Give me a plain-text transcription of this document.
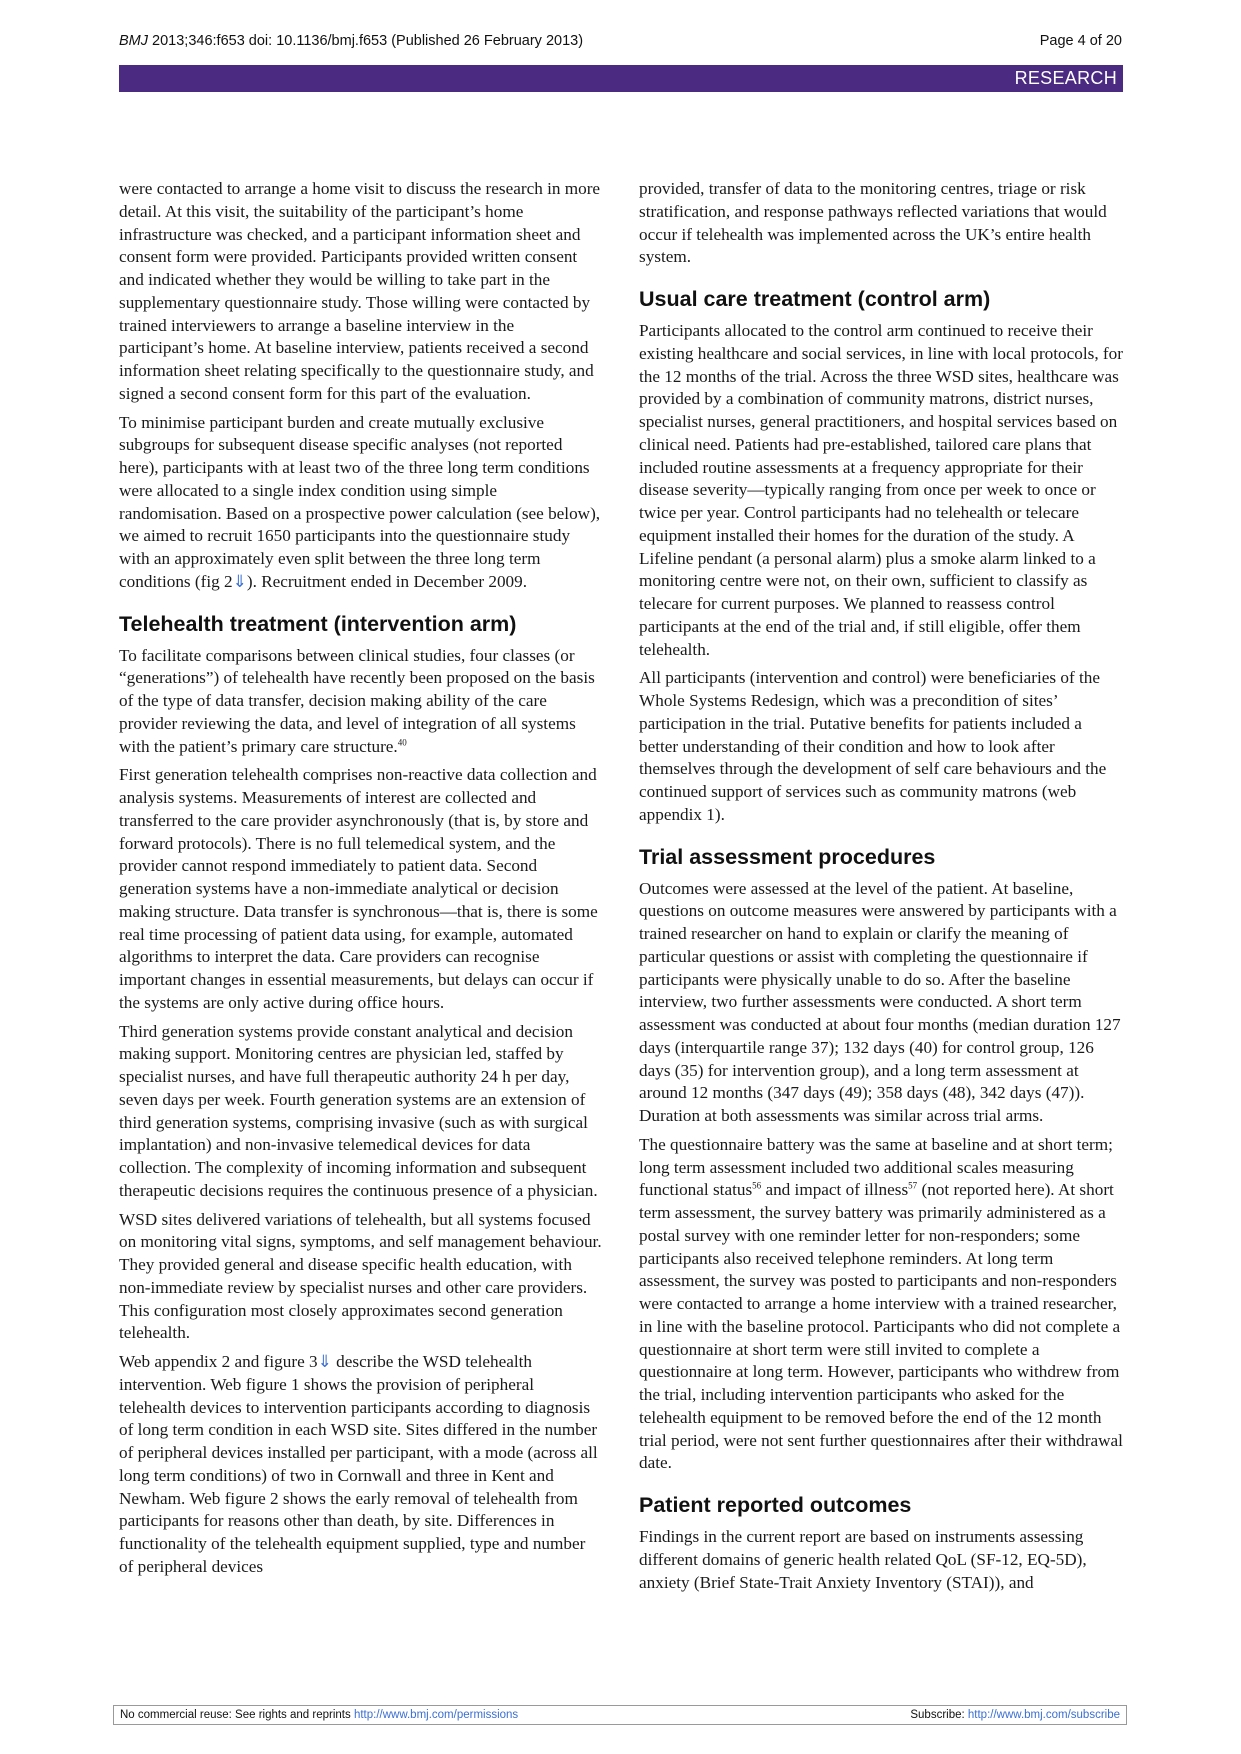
BMJ 2013;346:f653 doi: 10.1136/bmj.f653 (Published 26 February 2013)	Page 4 of 20
RESEARCH

were contacted to arrange a home visit to discuss the research in more detail. At this visit, the suitability of the participant’s home infrastructure was checked, and a participant information sheet and consent form were provided. Participants provided written consent and indicated whether they would be willing to take part in the supplementary questionnaire study. Those willing were contacted by trained interviewers to arrange a baseline interview in the participant’s home. At baseline interview, patients received a second information sheet relating specifically to the questionnaire study, and signed a second consent form for this part of the evaluation.

To minimise participant burden and create mutually exclusive subgroups for subsequent disease specific analyses (not reported here), participants with at least two of the three long term conditions were allocated to a single index condition using simple randomisation. Based on a prospective power calculation (see below), we aimed to recruit 1650 participants into the questionnaire study with an approximately even split between the three long term conditions (fig 2⇓). Recruitment ended in December 2009.

Telehealth treatment (intervention arm)

To facilitate comparisons between clinical studies, four classes (or “generations”) of telehealth have recently been proposed on the basis of the type of data transfer, decision making ability of the care provider reviewing the data, and level of integration of all systems with the patient’s primary care structure.$^{40}$

First generation telehealth comprises non-reactive data collection and analysis systems. Measurements of interest are collected and transferred to the care provider asynchronously (that is, by store and forward protocols). There is no full telemedical system, and the provider cannot respond immediately to patient data. Second generation systems have a non-immediate analytical or decision making structure. Data transfer is synchronous—that is, there is some real time processing of patient data using, for example, automated algorithms to interpret the data. Care providers can recognise important changes in essential measurements, but delays can occur if the systems are only active during office hours.

Third generation systems provide constant analytical and decision making support. Monitoring centres are physician led, staffed by specialist nurses, and have full therapeutic authority 24 h per day, seven days per week. Fourth generation systems are an extension of third generation systems, comprising invasive (such as with surgical implantation) and non-invasive telemedical devices for data collection. The complexity of incoming information and subsequent therapeutic decisions requires the continuous presence of a physician.

WSD sites delivered variations of telehealth, but all systems focused on monitoring vital signs, symptoms, and self management behaviour. They provided general and disease specific health education, with non-immediate review by specialist nurses and other care providers. This configuration most closely approximates second generation telehealth.

Web appendix 2 and figure 3⇓ describe the WSD telehealth intervention. Web figure 1 shows the provision of peripheral telehealth devices to intervention participants according to diagnosis of long term condition in each WSD site. Sites differed in the number of peripheral devices installed per participant, with a mode (across all long term conditions) of two in Cornwall and three in Kent and Newham. Web figure 2 shows the early removal of telehealth from participants for reasons other than death, by site. Differences in functionality of the telehealth equipment supplied, type and number of peripheral devices

provided, transfer of data to the monitoring centres, triage or risk stratification, and response pathways reflected variations that would occur if telehealth was implemented across the UK’s entire health system.

Usual care treatment (control arm)

Participants allocated to the control arm continued to receive their existing healthcare and social services, in line with local protocols, for the 12 months of the trial. Across the three WSD sites, healthcare was provided by a combination of community matrons, district nurses, specialist nurses, general practitioners, and hospital services based on clinical need. Patients had pre-established, tailored care plans that included routine assessments at a frequency appropriate for their disease severity—typically ranging from once per week to once or twice per year. Control participants had no telehealth or telecare equipment installed their homes for the duration of the study. A Lifeline pendant (a personal alarm) plus a smoke alarm linked to a monitoring centre were not, on their own, sufficient to classify as telecare for current purposes. We planned to reassess control participants at the end of the trial and, if still eligible, offer them telehealth.

All participants (intervention and control) were beneficiaries of the Whole Systems Redesign, which was a precondition of sites’ participation in the trial. Putative benefits for patients included a better understanding of their condition and how to look after themselves through the development of self care behaviours and the continued support of services such as community matrons (web appendix 1).

Trial assessment procedures

Outcomes were assessed at the level of the patient. At baseline, questions on outcome measures were answered by participants with a trained researcher on hand to explain or clarify the meaning of particular questions or assist with completing the questionnaire if participants were physically unable to do so. After the baseline interview, two further assessments were conducted. A short term assessment was conducted at about four months (median duration 127 days (interquartile range 37); 132 days (40) for control group, 126 days (35) for intervention group), and a long term assessment at around 12 months (347 days (49); 358 days (48), 342 days (47)). Duration at both assessments was similar across trial arms.

The questionnaire battery was the same at baseline and at short term; long term assessment included two additional scales measuring functional status$^{56}$ and impact of illness$^{57}$ (not reported here). At short term assessment, the survey battery was primarily administered as a postal survey with one reminder letter for non-responders; some participants also received telephone reminders. At long term assessment, the survey was posted to participants and non-responders were contacted to arrange a home interview with a trained researcher, in line with the baseline protocol. Participants who did not complete a questionnaire at short term were still invited to complete a questionnaire at long term. However, participants who withdrew from the trial, including intervention participants who asked for the telehealth equipment to be removed before the end of the 12 month trial period, were not sent further questionnaires after their withdrawal date.

Patient reported outcomes

Findings in the current report are based on instruments assessing different domains of generic health related QoL (SF-12, EQ-5D), anxiety (Brief State-Trait Anxiety Inventory (STAI)), and

No commercial reuse: See rights and reprints http://www.bmj.com/permissions	Subscribe: http://www.bmj.com/subscribe
